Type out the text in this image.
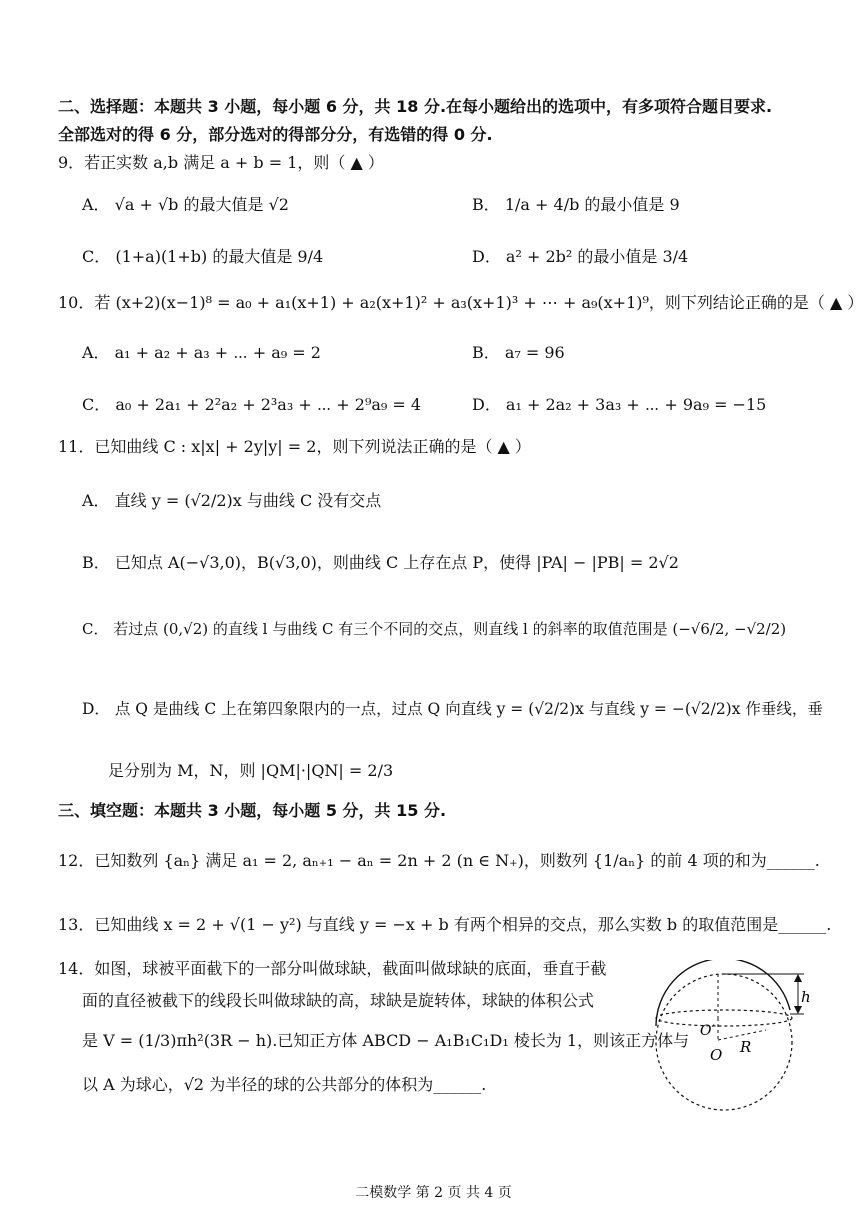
二、选择题：本题共 3 小题，每小题 6 分，共 18 分.在每小题给出的选项中，有多项符合题目要求.
全部选对的得 6 分，部分选对的得部分分，有选错的得 0 分.
9．若正实数 a,b 满足 a + b = 1，则（ ▲ ）
A． √a + √b 的最大值是 √2	B． 1/a + 4/b 的最小值是 9
C． (1+a)(1+b) 的最大值是 9/4	D． a² + 2b² 的最小值是 3/4
10．若 (x+2)(x−1)⁸ = a₀ + a₁(x+1) + a₂(x+1)² + a₃(x+1)³ + ⋯ + a₉(x+1)⁹，则下列结论正确的是（ ▲ ）
A． a₁ + a₂ + a₃ + ⋯ + a₉ = 2	B． a₇ = 96
C． a₀ + 2a₁ + 2²a₂ + 2³a₃ + ⋯ + 2⁹a₉ = 4	D． a₁ + 2a₂ + 3a₃ + ⋯ + 9a₉ = −15
11．已知曲线 C : x|x| + 2y|y| = 2，则下列说法正确的是（ ▲ ）
A． 直线 y = (√2/2)x 与曲线 C 没有交点
B． 已知点 A(−√3,0)，B(√3,0)，则曲线 C 上存在点 P，使得 |PA| − |PB| = 2√2
C． 若过点 (0,√2) 的直线 l 与曲线 C 有三个不同的交点，则直线 l 的斜率的取值范围是 (−√6/2, −√2/2)
D． 点 Q 是曲线 C 上在第四象限内的一点，过点 Q 向直线 y = (√2/2)x 与直线 y = −(√2/2)x 作垂线，垂
足分别为 M，N，则 |QM|·|QN| = 2/3
三、填空题：本题共 3 小题，每小题 5 分，共 15 分.
12．已知数列 {aₙ} 满足 a₁ = 2, aₙ₊₁ − aₙ = 2n + 2 (n ∈ N₊)，则数列 {1/aₙ} 的前 4 项的和为______.
13．已知曲线 x = 2 + √(1 − y²) 与直线 y = −x + b 有两个相异的交点，那么实数 b 的取值范围是______.
14．如图，球被平面截下的一部分叫做球缺，截面叫做球缺的底面，垂直于截
面的直径被截下的线段长叫做球缺的高，球缺是旋转体，球缺的体积公式
是 V = (1/3)πh²(3R − h).已知正方体 ABCD − A₁B₁C₁D₁ 棱长为 1，则该正方体与
以 A 为球心，√2 为半径的球的公共部分的体积为______.
h
O′
O R
二模数学 第 2 页 共 4 页
